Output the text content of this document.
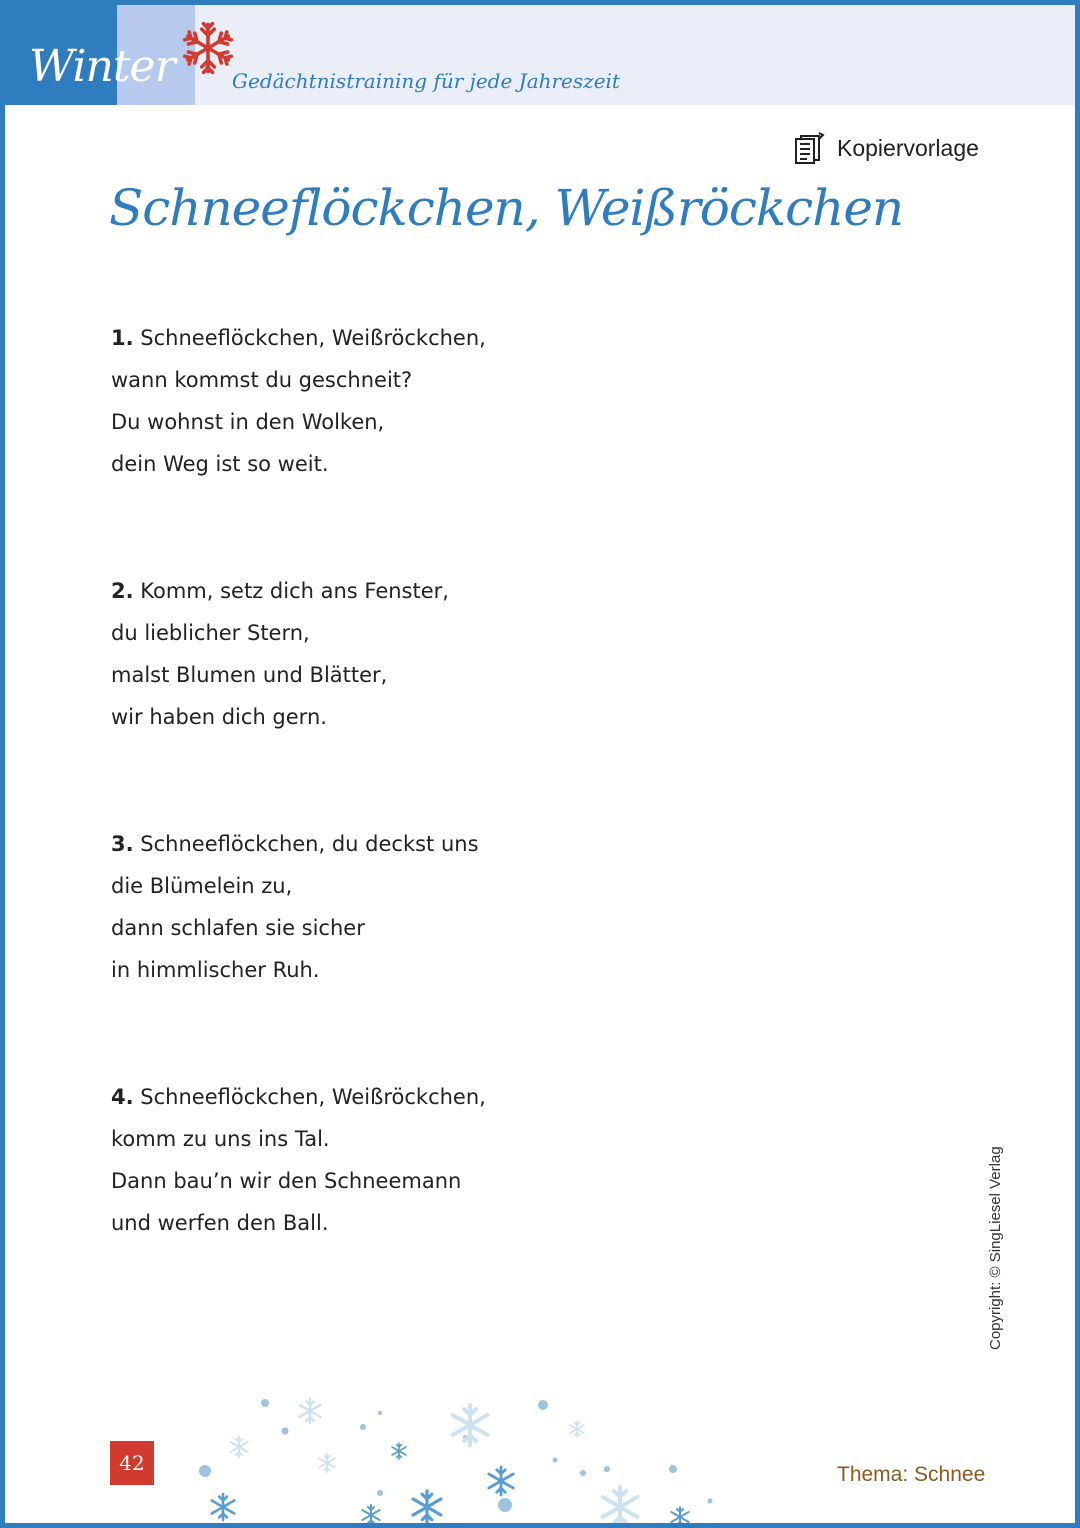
Winter	Gedächtnistraining für jede Jahreszeit
Kopiervorlage
Schneeflöckchen, Weißröckchen
1. Schneeflöckchen, Weißröckchen,
wann kommst du geschneit?
Du wohnst in den Wolken,
dein Weg ist so weit.
2. Komm, setz dich ans Fenster,
du lieblicher Stern,
malst Blumen und Blätter,
wir haben dich gern.
3. Schneeflöckchen, du deckst uns
die Blümelein zu,
dann schlafen sie sicher
in himmlischer Ruh.
4. Schneeflöckchen, Weißröckchen,
komm zu uns ins Tal.
Dann bau’n wir den Schneemann
und werfen den Ball.	Copyright: © SingLiesel Verlag
42	Thema: Schnee
